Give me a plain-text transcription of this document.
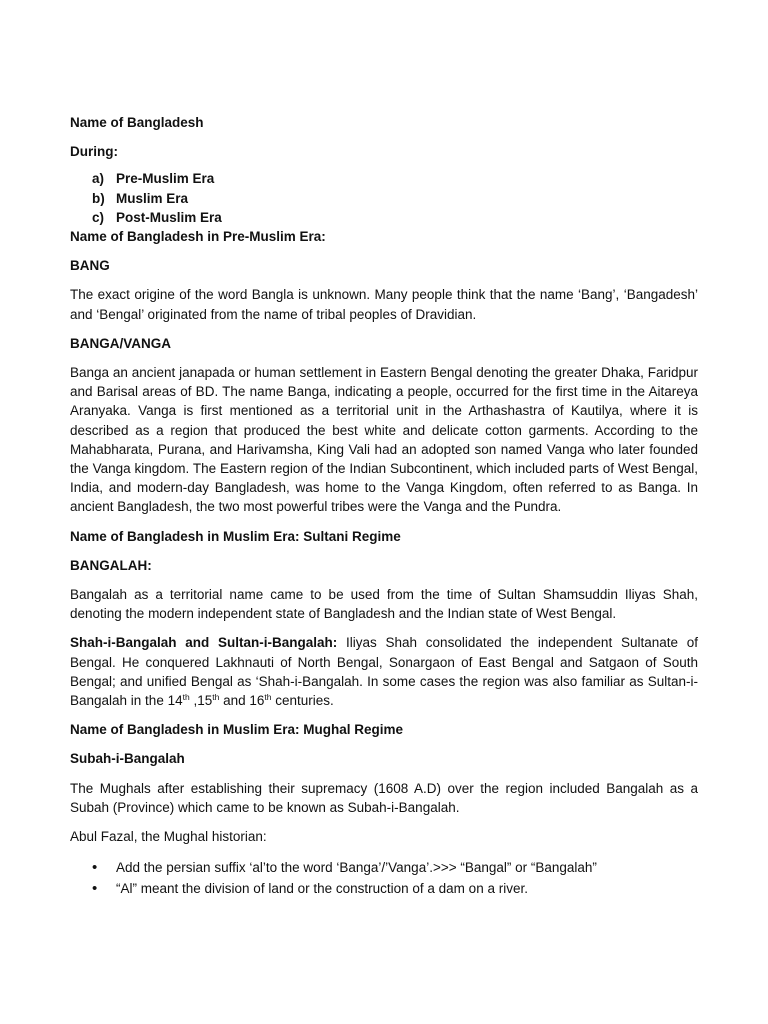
Name of Bangladesh
During:
a) Pre-Muslim Era
b) Muslim Era
c) Post-Muslim Era
Name of Bangladesh in Pre-Muslim Era:
BANG
The exact origine of the word Bangla is unknown. Many people think that the name ‘Bang’, ‘Bangadesh’ and ‘Bengal’ originated from the name of tribal peoples of Dravidian.
BANGA/VANGA
Banga an ancient janapada or human settlement in Eastern Bengal denoting the greater Dhaka, Faridpur and Barisal areas of BD. The name Banga, indicating a people, occurred for the first time in the Aitareya Aranyaka. Vanga is first mentioned as a territorial unit in the Arthashastra of Kautilya, where it is described as a region that produced the best white and delicate cotton garments. According to the Mahabharata, Purana, and Harivamsha, King Vali had an adopted son named Vanga who later founded the Vanga kingdom. The Eastern region of the Indian Subcontinent, which included parts of West Bengal, India, and modern-day Bangladesh, was home to the Vanga Kingdom, often referred to as Banga. In ancient Bangladesh, the two most powerful tribes were the Vanga and the Pundra.
Name of Bangladesh in Muslim Era: Sultani Regime
BANGALAH:
Bangalah as a territorial name came to be used from the time of Sultan Shamsuddin Iliyas Shah, denoting the modern independent state of Bangladesh and the Indian state of West Bengal.
Shah-i-Bangalah and Sultan-i-Bangalah: Iliyas Shah consolidated the independent Sultanate of Bengal. He conquered Lakhnauti of North Bengal, Sonargaon of East Bengal and Satgaon of South Bengal; and unified Bengal as ‘Shah-i-Bangalah. In some cases the region was also familiar as Sultan-i-Bangalah in the 14th ,15th and 16th centuries.
Name of Bangladesh in Muslim Era: Mughal Regime
Subah-i-Bangalah
The Mughals after establishing their supremacy (1608 A.D) over the region included Bangalah as a Subah (Province) which came to be known as Subah-i-Bangalah.
Abul Fazal, the Mughal historian:
•
Add the persian suffix ‘al’to the word ‘Banga’/’Vanga’.>>> “Bangal” or “Bangalah”
•
“Al” meant the division of land or the construction of a dam on a river.
